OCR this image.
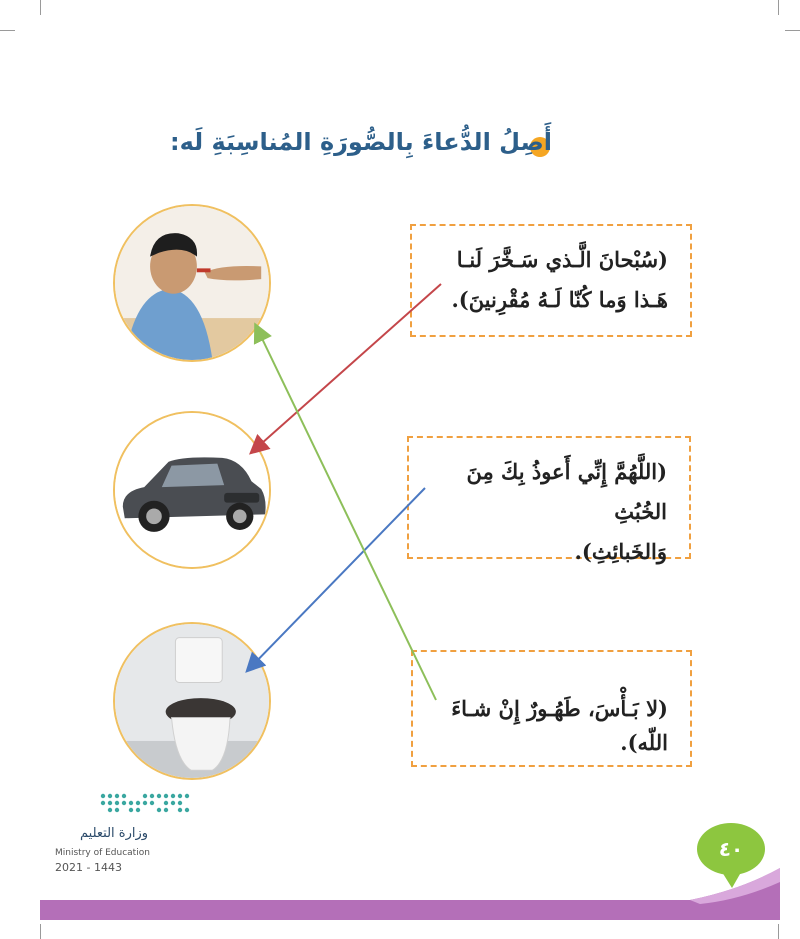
أَصِلُ الدُّعاءَ بِالصُّورَةِ المُناسِبَةِ لَه:
(سُبْحانَ الَّـذي سَـخَّرَ لَنـا
هَـذا وَما كُنّا لَـهُ مُقْرِنينَ).
(اللَّهُمَّ إِنِّي أَعوذُ بِكَ مِنَ الخُبُثِ
وَالخَبائِثِ).
(لا بَـأْسَ، طَهُـورٌ إِنْ شـاءَ اللّه).
وزارة التعليم
Ministry of Education
2021 - 1443
٤٠
